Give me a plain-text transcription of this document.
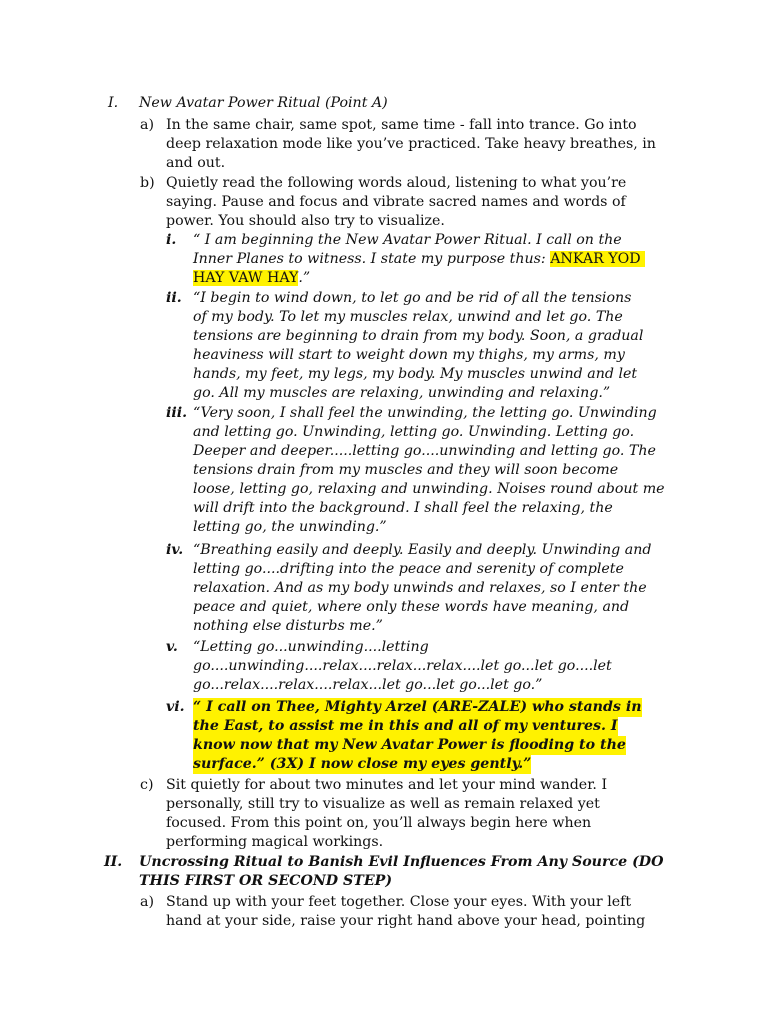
I. New Avatar Power Ritual (Point A)
a) In the same chair, same spot, same time - fall into trance. Go into
deep relaxation mode like you’ve practiced. Take heavy breathes, in
and out.
b) Quietly read the following words aloud, listening to what you’re
saying. Pause and focus and vibrate sacred names and words of
power. You should also try to visualize.
i. “ I am beginning the New Avatar Power Ritual. I call on the
Inner Planes to witness. I state my purpose thus: ANKAR YOD
HAY VAW HAY.”
ii. “I begin to wind down, to let go and be rid of all the tensions
of my body. To let my muscles relax, unwind and let go. The
tensions are beginning to drain from my body. Soon, a gradual
heaviness will start to weight down my thighs, my arms, my
hands, my feet, my legs, my body. My muscles unwind and let
go. All my muscles are relaxing, unwinding and relaxing.”
iii. “Very soon, I shall feel the unwinding, the letting go. Unwinding
and letting go. Unwinding, letting go. Unwinding. Letting go.
Deeper and deeper.....letting go....unwinding and letting go. The
tensions drain from my muscles and they will soon become
loose, letting go, relaxing and unwinding. Noises round about me
will drift into the background. I shall feel the relaxing, the
letting go, the unwinding.”
iv. “Breathing easily and deeply. Easily and deeply. Unwinding and
letting go....drifting into the peace and serenity of complete
relaxation. And as my body unwinds and relaxes, so I enter the
peace and quiet, where only these words have meaning, and
nothing else disturbs me.”
v. “Letting go...unwinding....letting
go....unwinding....relax....relax...relax....let go...let go....let
go...relax....relax....relax...let go...let go...let go.”
vi. “ I call on Thee, Mighty Arzel (ARE-ZALE) who stands in
the East, to assist me in this and all of my ventures. I
know now that my New Avatar Power is flooding to the
surface.” (3X) I now close my eyes gently.”
c) Sit quietly for about two minutes and let your mind wander. I
personally, still try to visualize as well as remain relaxed yet
focused. From this point on, you’ll always begin here when
performing magical workings.
II. Uncrossing Ritual to Banish Evil Influences From Any Source (DO
THIS FIRST OR SECOND STEP)
a) Stand up with your feet together. Close your eyes. With your left
hand at your side, raise your right hand above your head, pointing
